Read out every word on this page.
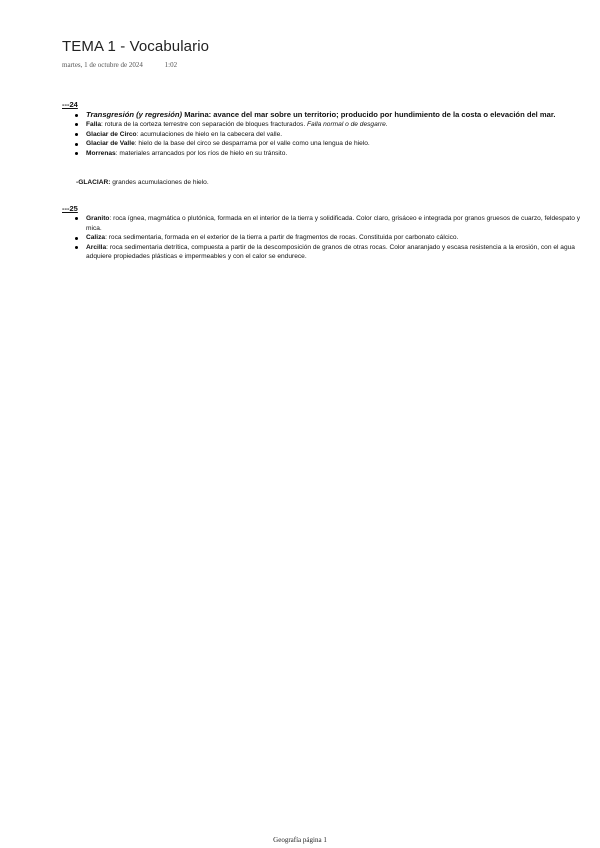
TEMA 1 - Vocabulario
martes, 1 de octubre de 2024	1:02

---24

Transgresión (y regresión) Marina: avance del mar sobre un territorio; producido por hundimiento de la costa o elevación del mar.
Falla: rotura de la corteza terrestre con separación de bloques fracturados. Falla normal o de desgarre.
Glaciar de Circo: acumulaciones de hielo en la cabecera del valle.
Glaciar de Valle: hielo de la base del circo se desparrama por el valle como una lengua de hielo.
Morrenas: materiales arrancados por los ríos de hielo en su tránsito.
-GLACIAR: grandes acumulaciones de hielo.

---25

Granito: roca ígnea, magmática o plutónica, formada en el interior de la tierra y solidificada. Color claro, grisáceo e integrada por granos gruesos de cuarzo, feldespato y mica.
Caliza: roca sedimentaria, formada en el exterior de la tierra a partir de fragmentos de rocas. Constituida por carbonato cálcico.
Arcilla: roca sedimentaria detrítica, compuesta a partir de la descomposición de granos de otras rocas. Color anaranjado y escasa resistencia a la erosión, con el agua adquiere propiedades plásticas e impermeables y con el calor se endurece.
Geografía página 1
